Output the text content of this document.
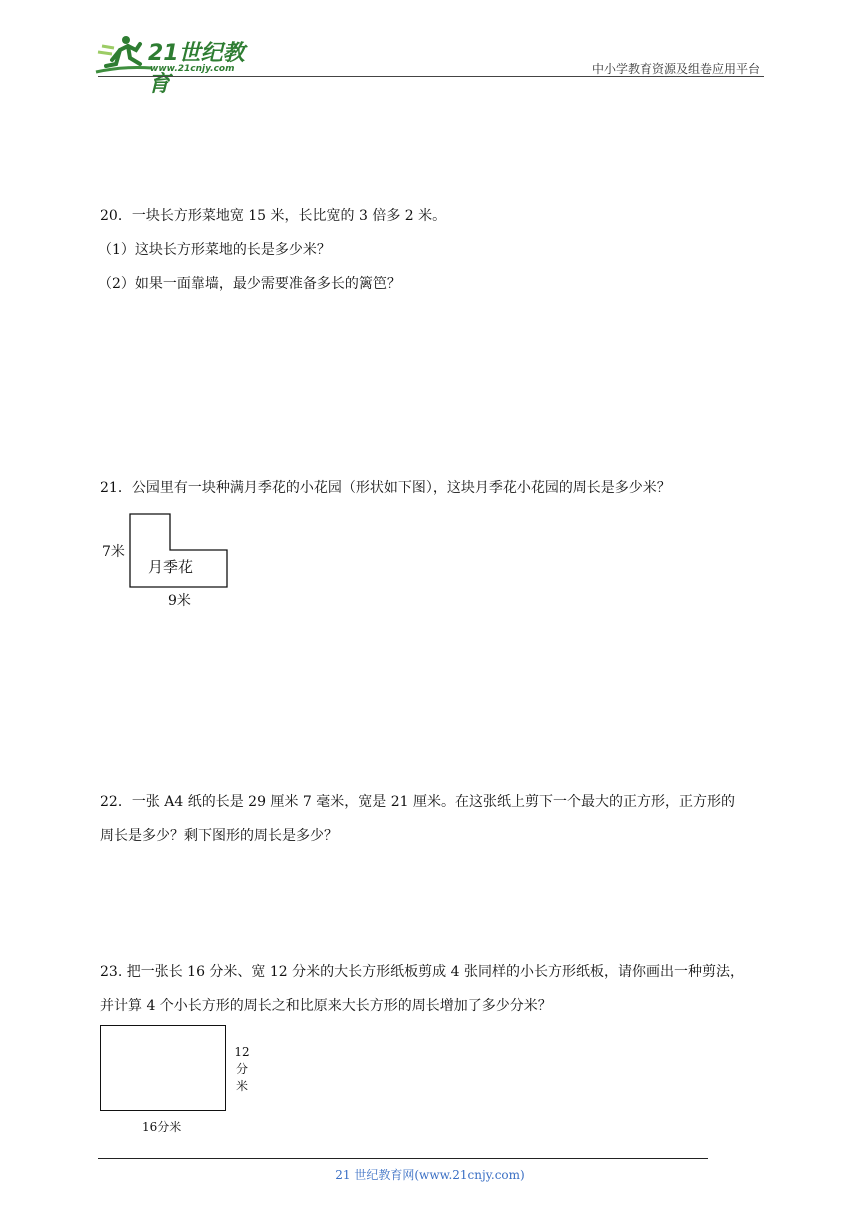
21世纪教育
www.21cnjy.com	中小学教育资源及组卷应用平台
20．一块长方形菜地宽 15 米，长比宽的 3 倍多 2 米。
（1）这块长方形菜地的长是多少米？
（2）如果一面靠墙，最少需要准备多长的篱笆？
21．公园里有一块种满月季花的小花园（形状如下图），这块月季花小花园的周长是多少米？
7米
月季花
9米
22．一张 A4 纸的长是 29 厘米 7 毫米，宽是 21 厘米。在这张纸上剪下一个最大的正方形，正方形的
周长是多少？剩下图形的周长是多少？
23. 把一张长 16 分米、宽 12 分米的大长方形纸板剪成 4 张同样的小长方形纸板，请你画出一种剪法，
并计算 4 个小长方形的周长之和比原来大长方形的周长增加了多少分米？
12
分
米
16分米
21 世纪教育网(www.21cnjy.com)
